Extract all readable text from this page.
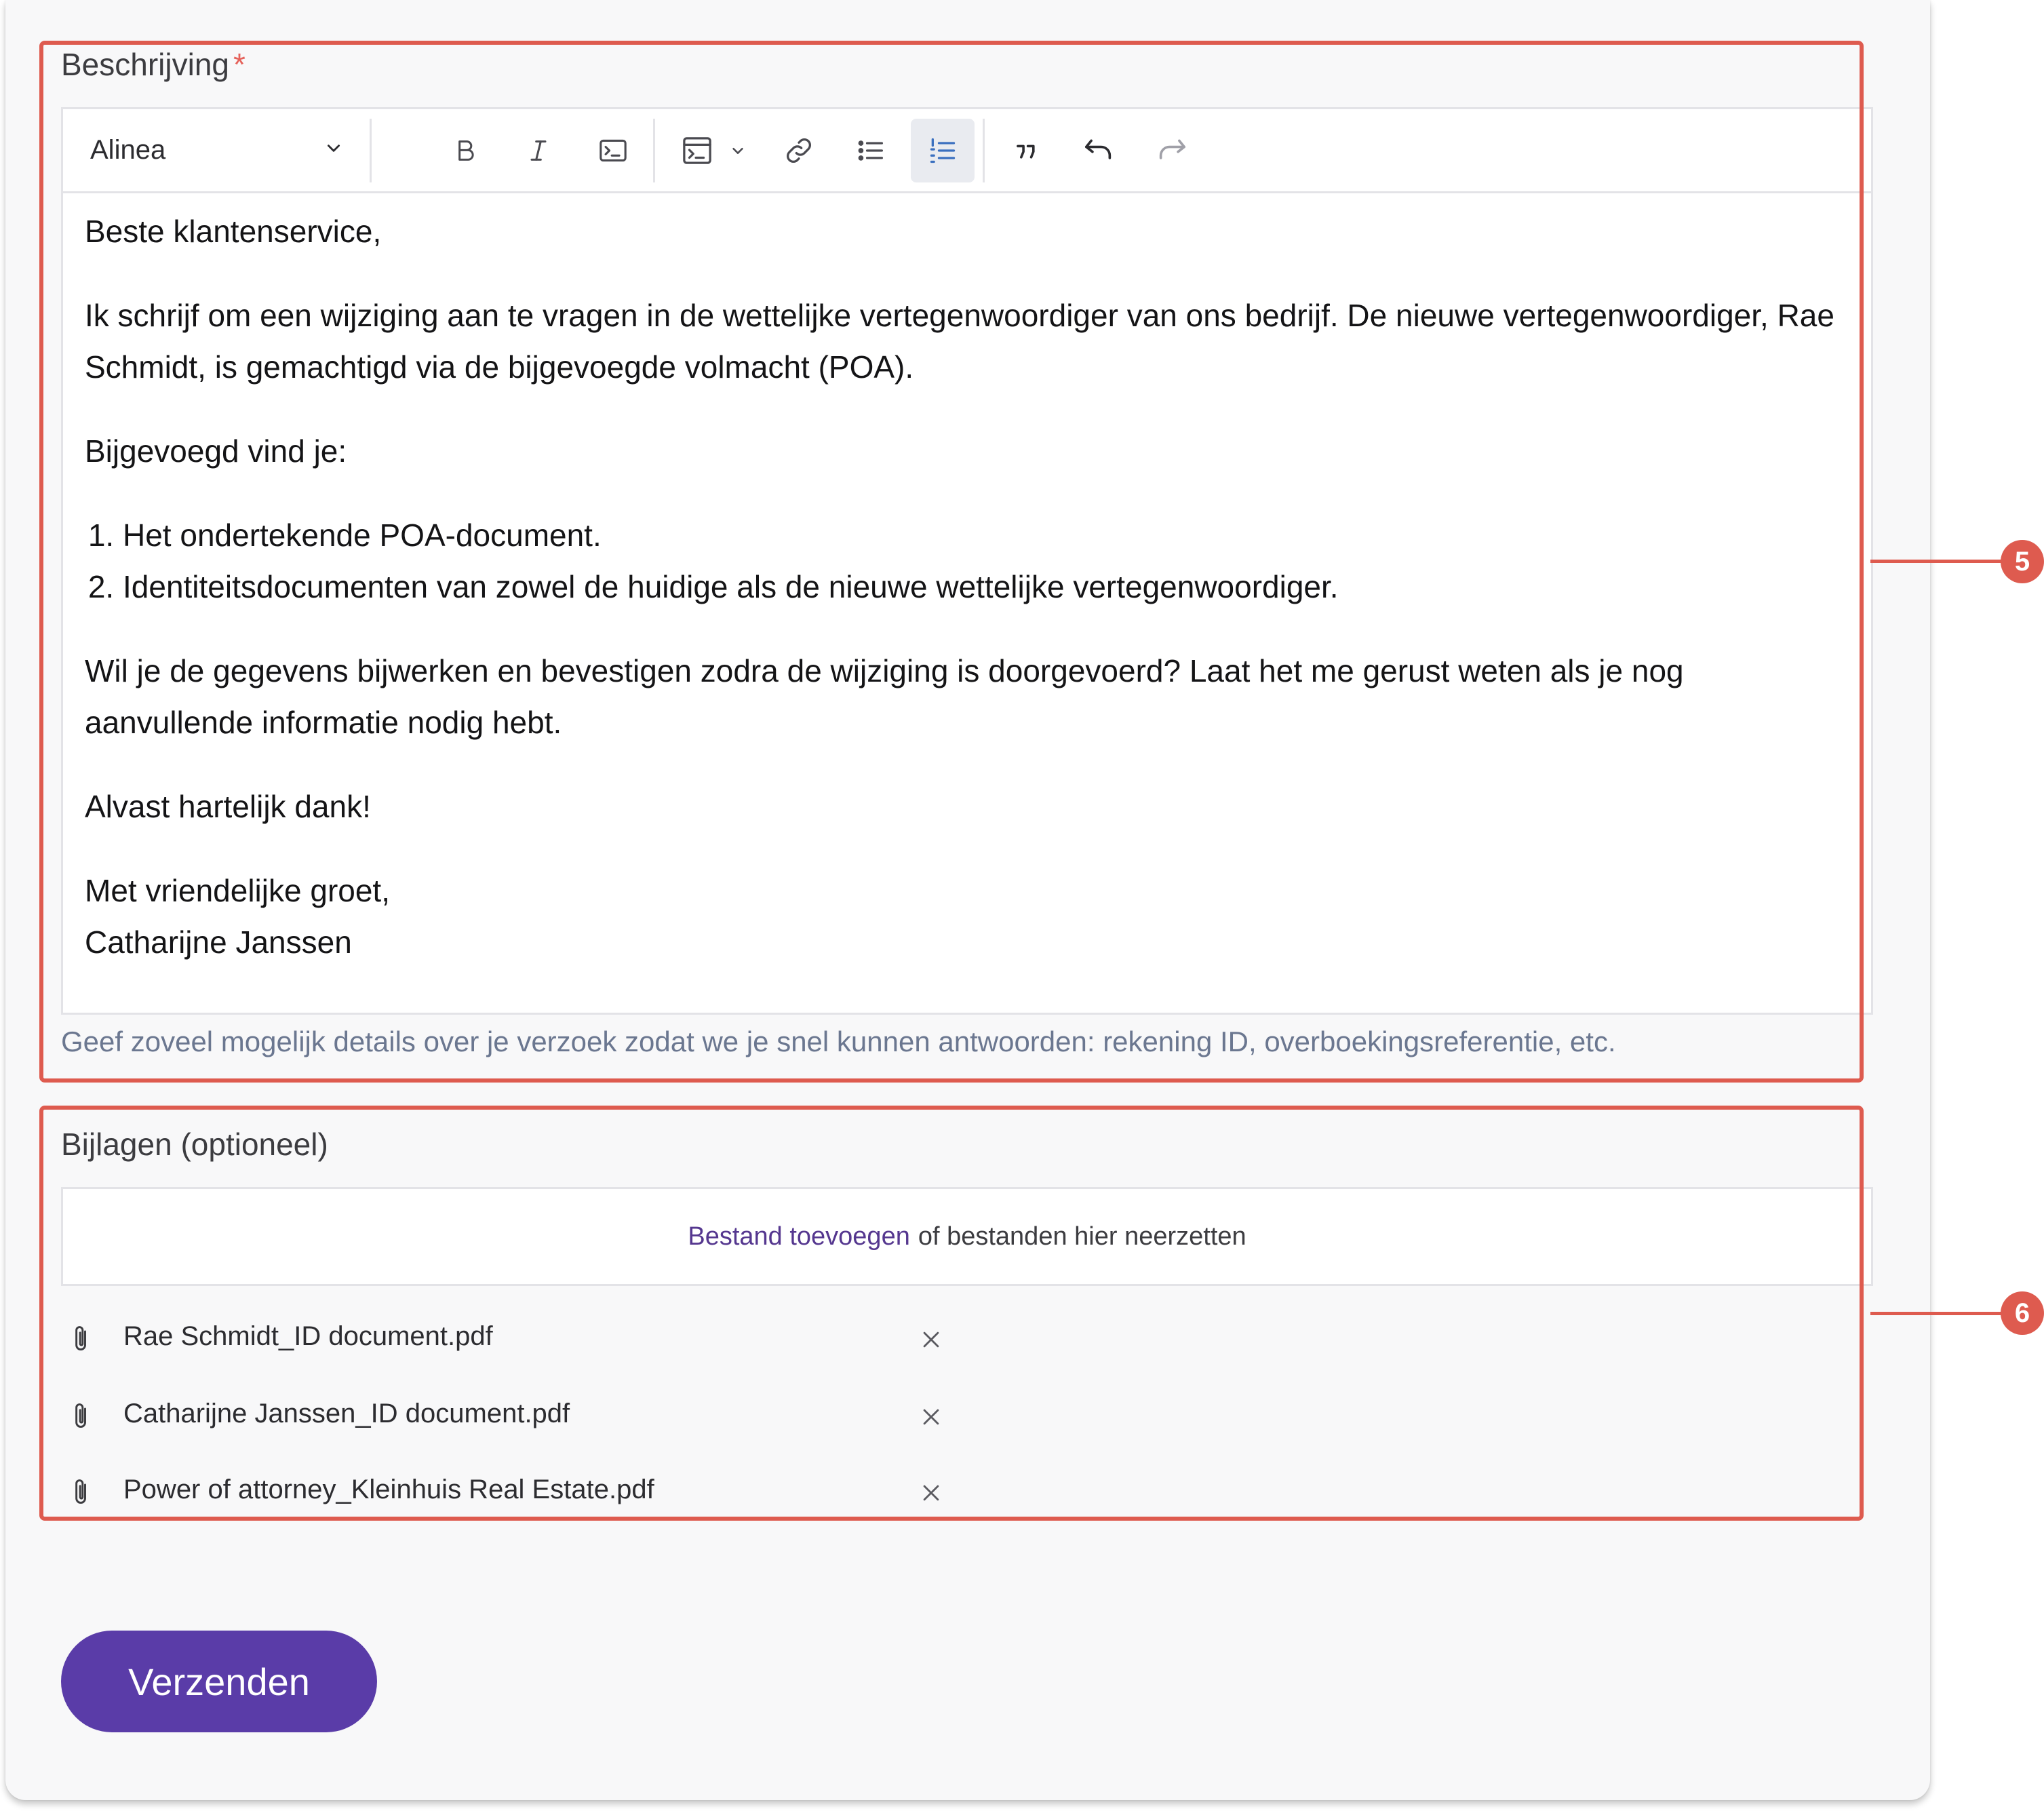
Beschrijving *
Alinea

Beste klantenservice,

Ik schrijf om een wijziging aan te vragen in de wettelijke vertegenwoordiger van ons bedrijf. De nieuwe vertegenwoordiger, Rae Schmidt, is gemachtigd via de bijgevoegde volmacht (POA).

Bijgevoegd vind je:

1. Het ondertekende POA-document.
2. Identiteitsdocumenten van zowel de huidige als de nieuwe wettelijke vertegenwoordiger.

Wil je de gegevens bijwerken en bevestigen zodra de wijziging is doorgevoerd? Laat het me gerust weten als je nog aanvullende informatie nodig hebt.

Alvast hartelijk dank!

Met vriendelijke groet,

Catharijne Janssen

Geef zoveel mogelijk details over je verzoek zodat we je snel kunnen antwoorden: rekening ID, overboekingsreferentie, etc.
Bijlagen (optioneel)
Bestand toevoegen of bestanden hier neerzetten
Rae Schmidt_ID document.pdf
Catharijne Janssen_ID document.pdf
Power of attorney_Kleinhuis Real Estate.pdf
Verzenden
5
6
